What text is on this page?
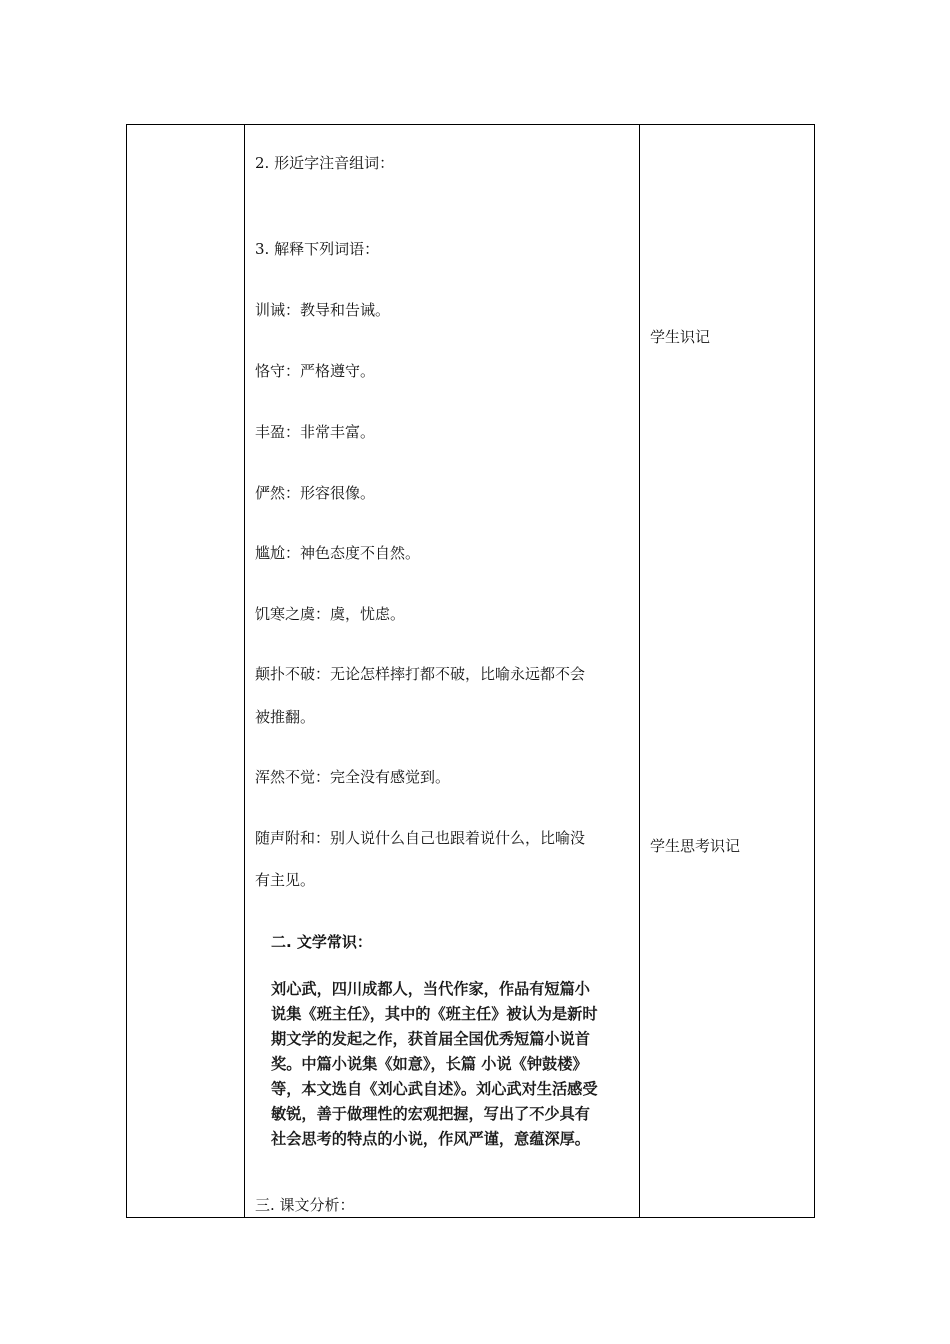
2. 形近字注音组词：
3. 解释下列词语：
训诫：教导和告诫。
恪守：严格遵守。
丰盈：非常丰富。
俨然：形容很像。
尴尬：神色态度不自然。
饥寒之虞：虞，忧虑。
颠扑不破：无论怎样摔打都不破，比喻永远都不会
被推翻。
浑然不觉：完全没有感觉到。
随声附和：别人说什么自己也跟着说什么，比喻没
有主见。
二. 文学常识：
刘心武，四川成都人，当代作家，作品有短篇小
说集《班主任》，其中的《班主任》被认为是新时
期文学的发起之作，获首届全国优秀短篇小说首
奖。中篇小说集《如意》，长篇 小说《钟鼓楼》
等，本文选自《刘心武自述》。刘心武对生活感受
敏锐，善于做理性的宏观把握，写出了不少具有
社会思考的特点的小说，作风严谨，意蕴深厚。
三. 课文分析：
学生识记
学生思考识记
